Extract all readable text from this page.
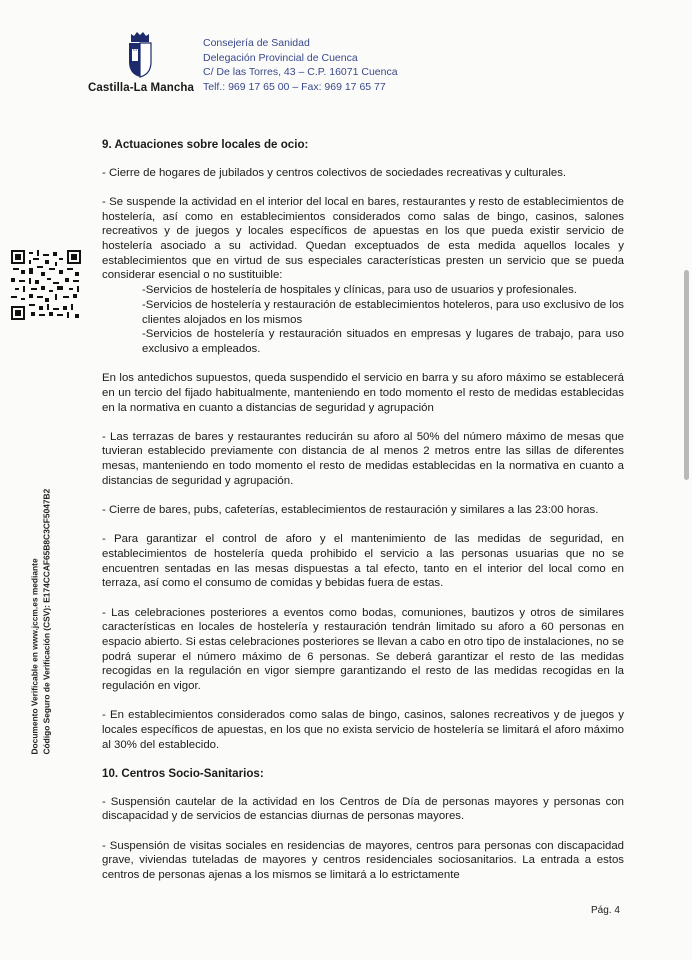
Castilla-La Mancha
Consejería de Sanidad
Delegación Provincial de Cuenca
C/ De las Torres, 43 – C.P. 16071 Cuenca
Telf.: 969 17 65 00 – Fax: 969 17 65 77
Documento Verificable en www.jccm.es mediante Código Seguro de Verificación (CSV): E174CCAF65B8C3CF5047B2
9. Actuaciones sobre locales de ocio:

- Cierre de hogares de jubilados y centros colectivos de sociedades recreativas y culturales.

- Se suspende la actividad en el interior del local en bares, restaurantes y resto de establecimientos de hostelería, así como en establecimientos considerados como salas de bingo, casinos, salones recreativos y de juegos y locales específicos de apuestas en los que pueda existir servicio de hostelería asociado a su actividad. Quedan exceptuados de esta medida aquellos locales y establecimientos que en virtud de sus especiales características presten un servicio que se pueda considerar esencial o no sustituible:

-Servicios de hostelería de hospitales y clínicas, para uso de usuarios y profesionales.

-Servicios de hostelería y restauración de establecimientos hoteleros, para uso exclusivo de los clientes alojados en los mismos

-Servicios de hostelería y restauración situados en empresas y lugares de trabajo, para uso exclusivo a empleados.

En los antedichos supuestos, queda suspendido el servicio en barra y su aforo máximo se establecerá en un tercio del fijado habitualmente, manteniendo en todo momento el resto de medidas establecidas en la normativa en cuanto a distancias de seguridad y agrupación

- Las terrazas de bares y restaurantes reducirán su aforo al 50% del número máximo de mesas que tuvieran establecido previamente con distancia de al menos 2 metros entre las sillas de diferentes mesas, manteniendo en todo momento el resto de medidas establecidas en la normativa en cuanto a distancias de seguridad y agrupación.

- Cierre de bares, pubs, cafeterías, establecimientos de restauración y similares a las 23:00 horas.

- Para garantizar el control de aforo y el mantenimiento de las medidas de seguridad, en establecimientos de hostelería queda prohibido el servicio a las personas usuarias que no se encuentren sentadas en las mesas dispuestas a tal efecto, tanto en el interior del local como en terraza, así como el consumo de comidas y bebidas fuera de estas.

- Las celebraciones posteriores a eventos como bodas, comuniones, bautizos y otros de similares características en locales de hostelería y restauración tendrán limitado su aforo a 60 personas en espacio abierto. Si estas celebraciones posteriores se llevan a cabo en otro tipo de instalaciones, no se podrá superar el número máximo de 6 personas. Se deberá garantizar el resto de las medidas recogidas en la regulación en vigor siempre garantizando el resto de las medidas recogidas en la regulación en vigor.

- En establecimientos considerados como salas de bingo, casinos, salones recreativos y de juegos y locales específicos de apuestas, en los que no exista servicio de hostelería se limitará el aforo máximo al 30% del establecido.

10. Centros Socio-Sanitarios:

- Suspensión cautelar de la actividad en los Centros de Día de personas mayores y personas con discapacidad y de servicios de estancias diurnas de personas mayores.

- Suspensión de visitas sociales en residencias de mayores, centros para personas con discapacidad grave, viviendas tuteladas de mayores y centros residenciales sociosanitarios. La entrada a estos centros de personas ajenas a los mismos se limitará a lo estrictamente

Pág. 4
